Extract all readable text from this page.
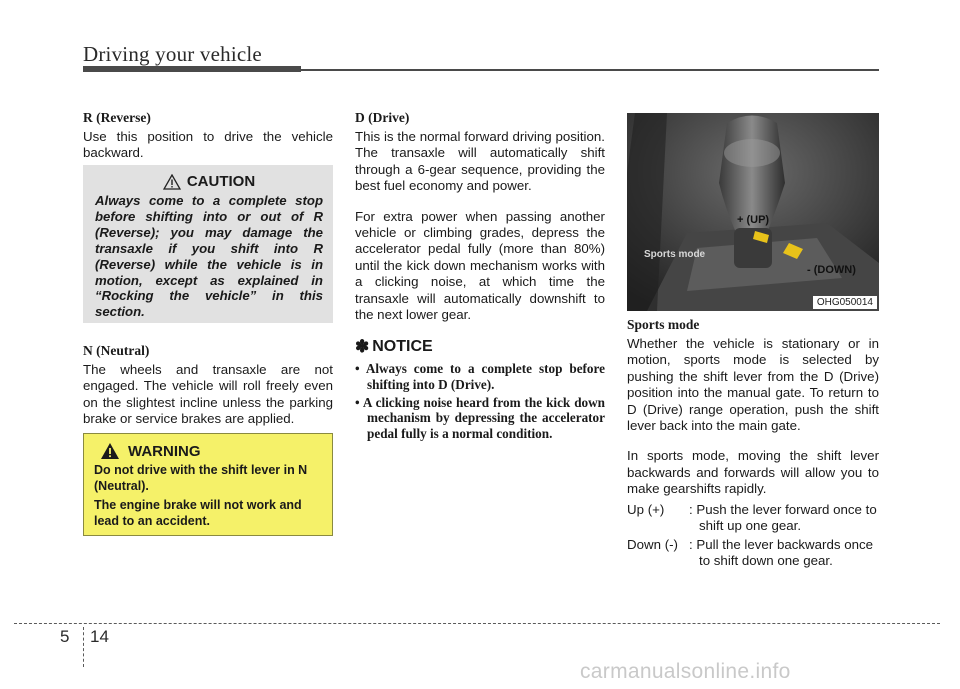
Driving your vehicle
R (Reverse)

Use this position to drive the vehicle backward.

CAUTION
Always come to a complete stop before shifting into or out of R (Reverse); you may damage the transaxle if you shift into R (Reverse) while the vehicle is in motion, except as explained in “Rocking the vehicle” in this section.
N (Neutral)

The wheels and transaxle are not engaged. The vehicle will roll freely even on the slightest incline unless the parking brake or service brakes are applied.

WARNING

Do not drive with the shift lever in N (Neutral).

The engine brake will not work and lead to an accident.

D (Drive)

This is the normal forward driving position. The transaxle will automatically shift through a 6-gear sequence, providing the best fuel economy and power.

For extra power when passing another vehicle or climbing grades, depress the accelerator pedal fully (more than 80%) until the kick down mechanism works with a clicking noise, at which time the transaxle will automatically downshift to the next lower gear.

✽ NOTICE
• Always come to a complete stop before shifting into D (Drive).
• A clicking noise heard from the kick down mechanism by depressing the accelerator pedal fully is a normal condition.
+ (UP)
- (DOWN)
Sports mode
OHG050014
Sports mode

Whether the vehicle is stationary or in motion, sports mode is selected by pushing the shift lever from the D (Drive) position into the manual gate. To return to D (Drive) range operation, push the shift lever back into the main gate.

In sports mode, moving the shift lever backwards and forwards will allow you to make gearshifts rapidly.

Up (+)	: Push the lever forward once to shift up one gear.
Down (-) : Pull the lever backwards once to shift down one gear.
5 14
carmanualsonline.info
